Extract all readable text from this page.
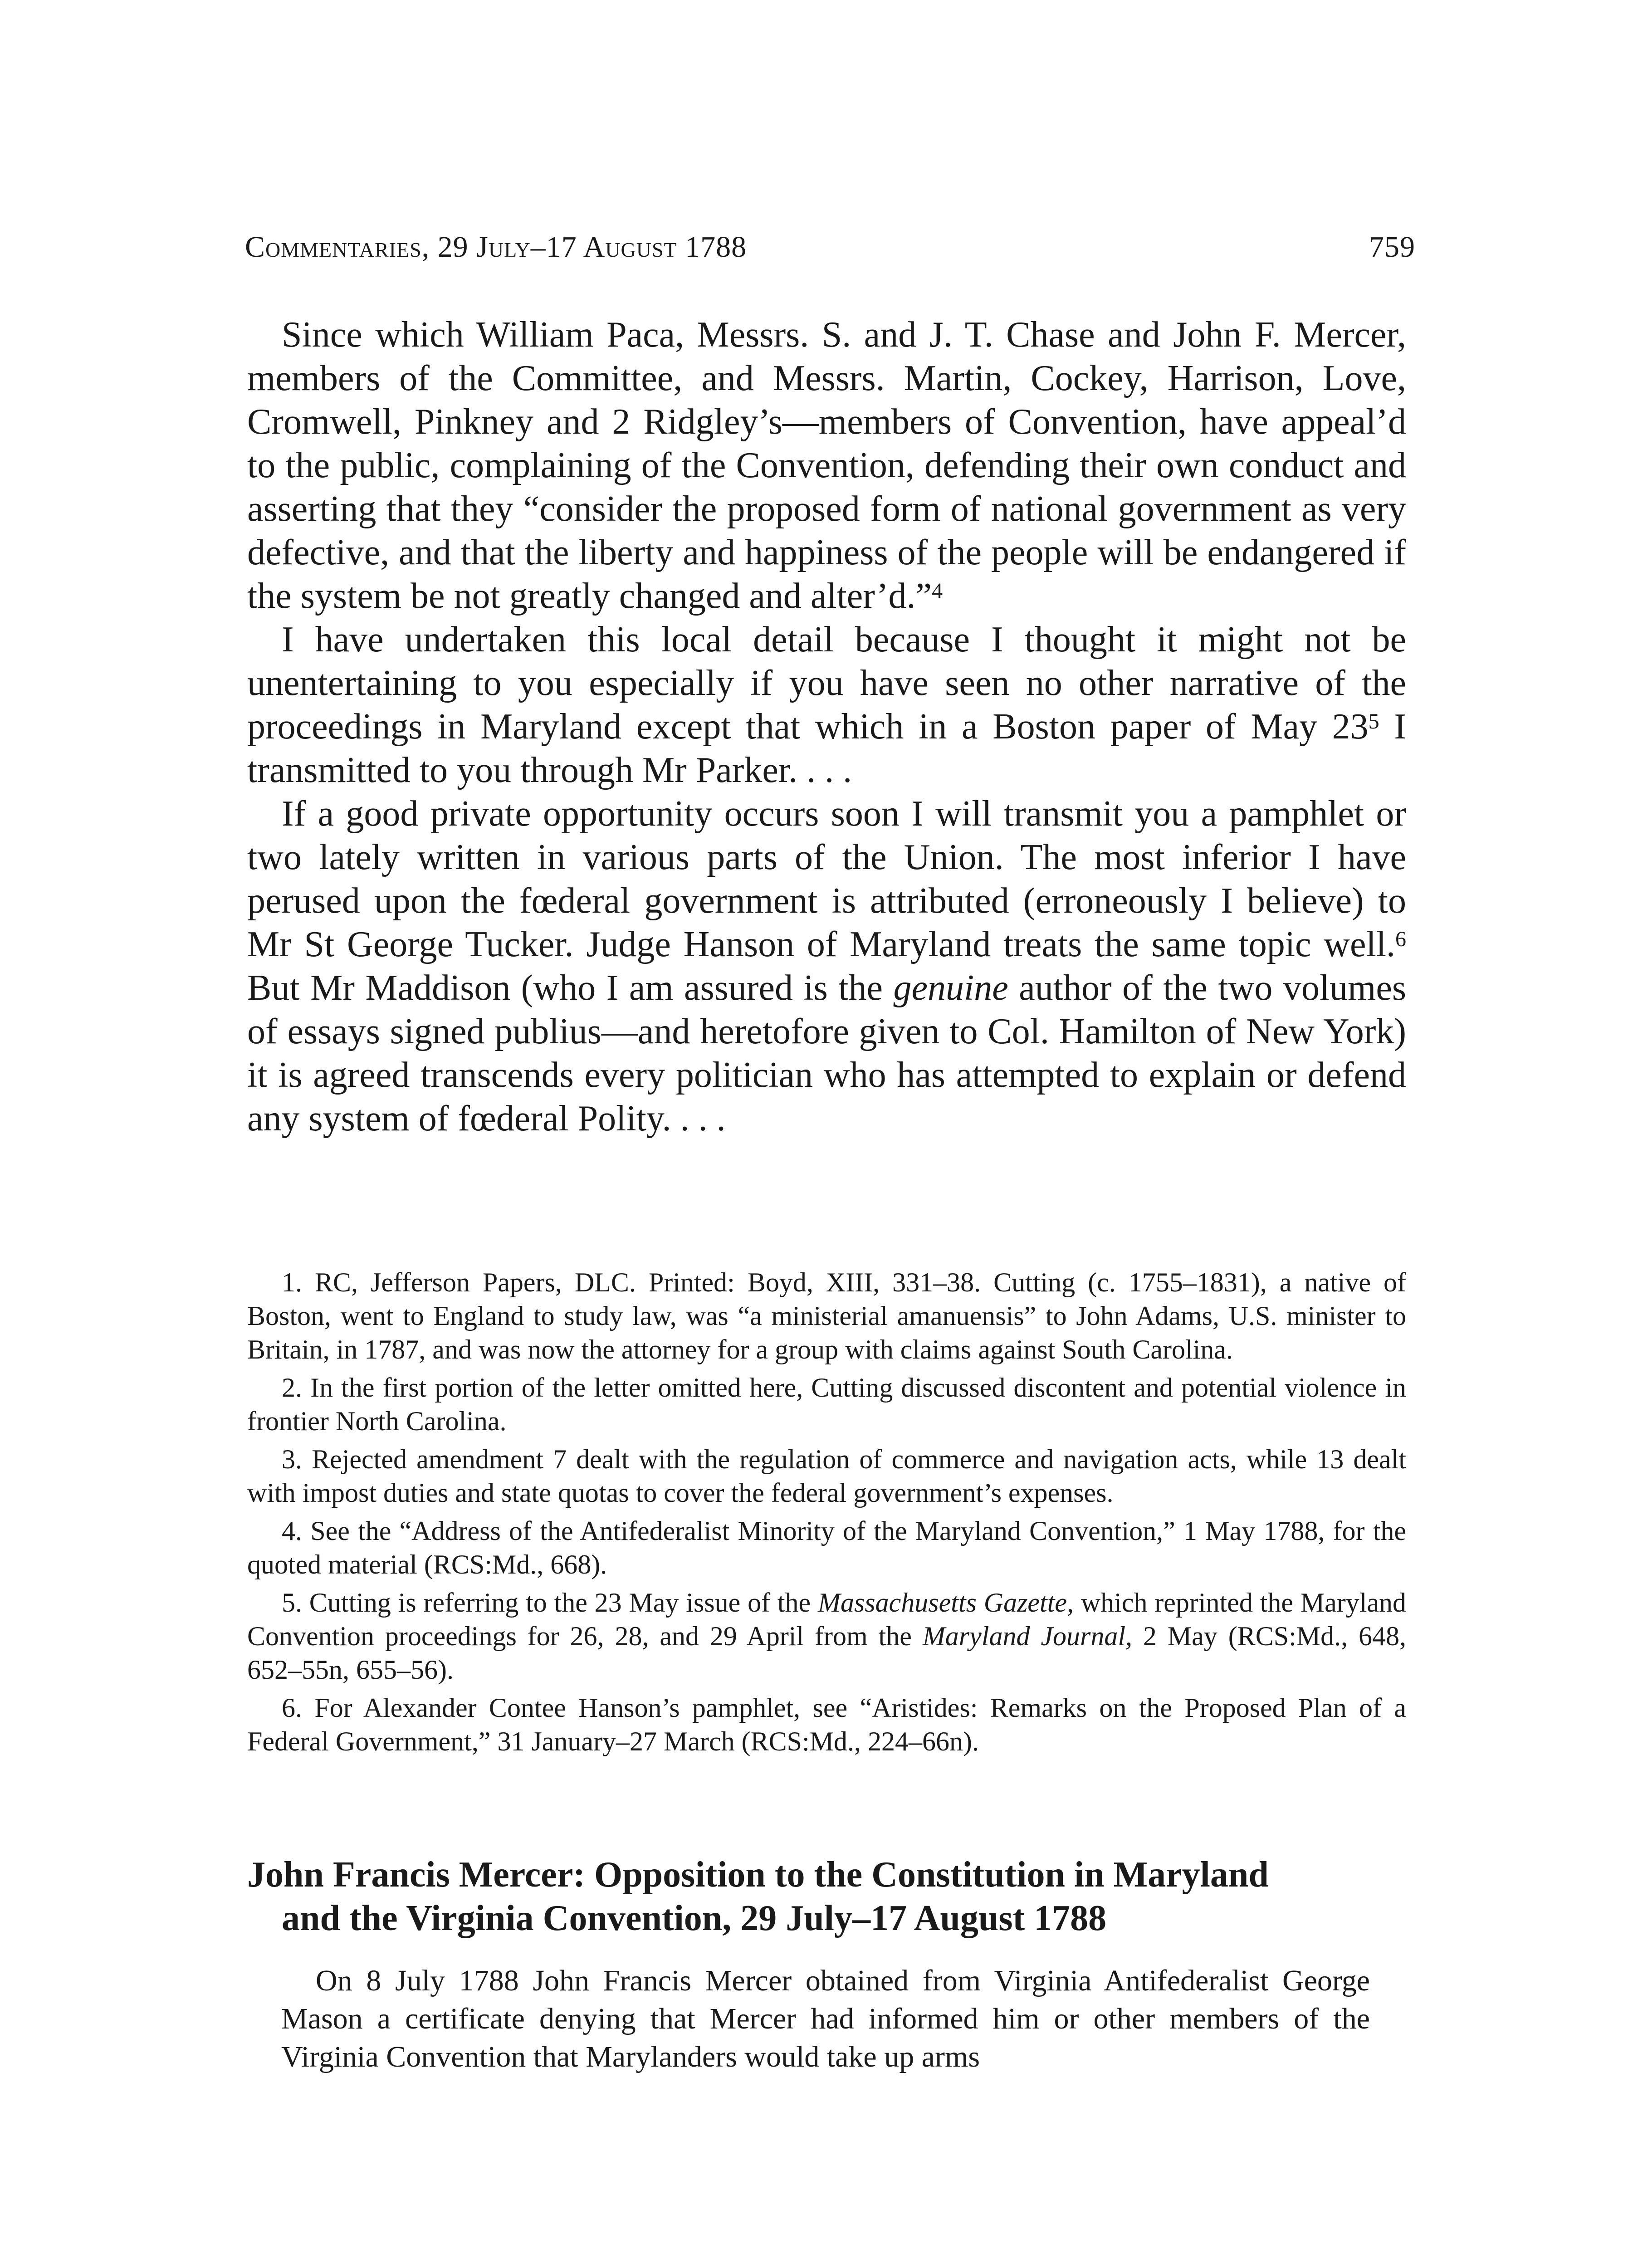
Commentaries, 29 July–17 August 1788	759

Since which William Paca, Messrs. S. and J. T. Chase and John F. Mercer, members of the Committee, and Messrs. Martin, Cockey, Harrison, Love, Cromwell, Pinkney and 2 Ridgley’s—members of Convention, have appeal’d to the public, complaining of the Convention, defending their own conduct and asserting that they “consider the proposed form of national government as very defective, and that the liberty and happiness of the people will be endangered if the system be not greatly changed and alter’d.”$^4$

I have undertaken this local detail because I thought it might not be unentertaining to you especially if you have seen no other narrative of the proceedings in Maryland except that which in a Boston paper of May $23^5$ I transmitted to you through Mr Parker. . . .

If a good private opportunity occurs soon I will transmit you a pamphlet or two lately written in various parts of the Union. The most inferior I have perused upon the fœderal government is attributed (erroneously I believe) to Mr St George Tucker. Judge Hanson of Maryland treats the same topic well.$^6$ But Mr Maddison (who I am assured is the genuine author of the two volumes of essays signed publius—and heretofore given to Col. Hamilton of New York) it is agreed transcends every politician who has attempted to explain or defend any system of fœderal Polity. . . .

1. RC, Jefferson Papers, DLC. Printed: Boyd, XIII, 331–38. Cutting (c. 1755–1831), a native of Boston, went to England to study law, was “a ministerial amanuensis” to John Adams, U.S. minister to Britain, in 1787, and was now the attorney for a group with claims against South Carolina.

2. In the first portion of the letter omitted here, Cutting discussed discontent and potential violence in frontier North Carolina.

3. Rejected amendment 7 dealt with the regulation of commerce and navigation acts, while 13 dealt with impost duties and state quotas to cover the federal government’s expenses.

4. See the “Address of the Antifederalist Minority of the Maryland Convention,” 1 May 1788, for the quoted material (RCS:Md., 668).

5. Cutting is referring to the 23 May issue of the Massachusetts Gazette, which reprinted the Maryland Convention proceedings for 26, 28, and 29 April from the Maryland Journal, 2 May (RCS:Md., 648, 652–55n, 655–56).

6. For Alexander Contee Hanson’s pamphlet, see “Aristides: Remarks on the Proposed Plan of a Federal Government,” 31 January–27 March (RCS:Md., 224–66n).

John Francis Mercer: Opposition to the Constitution in Maryland
and the Virginia Convention, 29 July–17 August 1788

On 8 July 1788 John Francis Mercer obtained from Virginia Antifederalist George Mason a certificate denying that Mercer had informed him or other members of the Virginia Convention that Marylanders would take up arms
